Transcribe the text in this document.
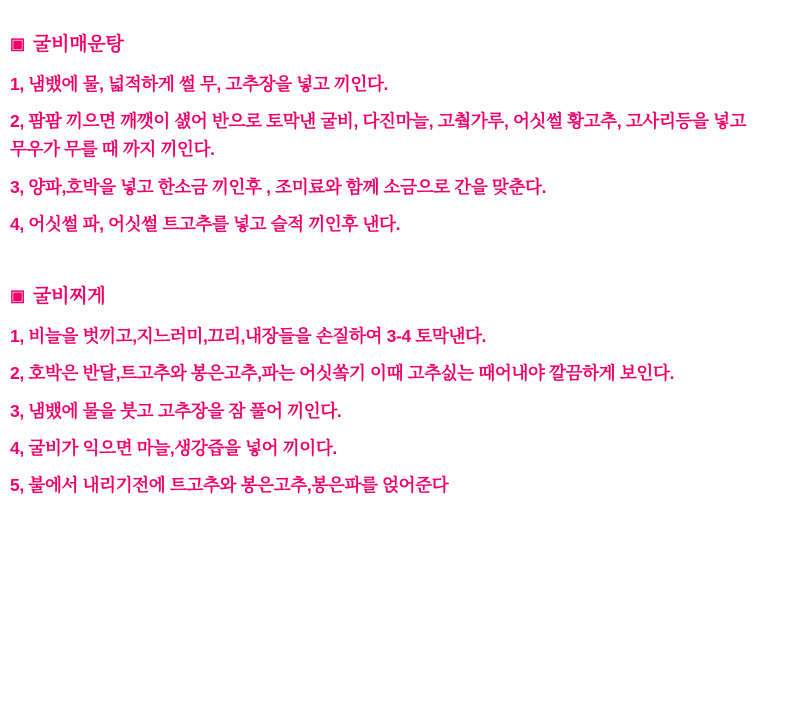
▣ 굴비매운탕

1, 냄뱄에 물, 넓적하게 썰 무, 고추장을 넣고 끼인다.

2, 팜팜 끼으면 깨깻이 섌어 반으로 토막낸 굴비, 다진마늘, 고췈가루, 어싯썰 황고추, 고사리등을 넣고 무우가 무를 때 까지 끼인다.

3, 양파,호박을 넣고 한소금 끼인후 , 조미료와 함께 소금으로 간을 맞춘다.

4, 어싯썰 파, 어싯썰 트고추를 넣고 슬적 끼인후 낸다.

▣ 굴비찌게

1, 비늘을 벗끼고,지느러미,끄리,내장들을 손질하여 3-4 토막낸다.

2, 호박은 반달,트고추와 봉은고추,파는 어싯쏰기 이때 고추싨는 때어내야 깔끔하게 보인다.

3, 냄뱄에 물을 붓고 고추장을 잠 풀어 끼인다.

4, 굴비가 익으면 마늘,생강즙을 넣어 끼이다.

5, 불에서 내리기전에 트고추와 봉은고추,봉은파를 얹어준다
